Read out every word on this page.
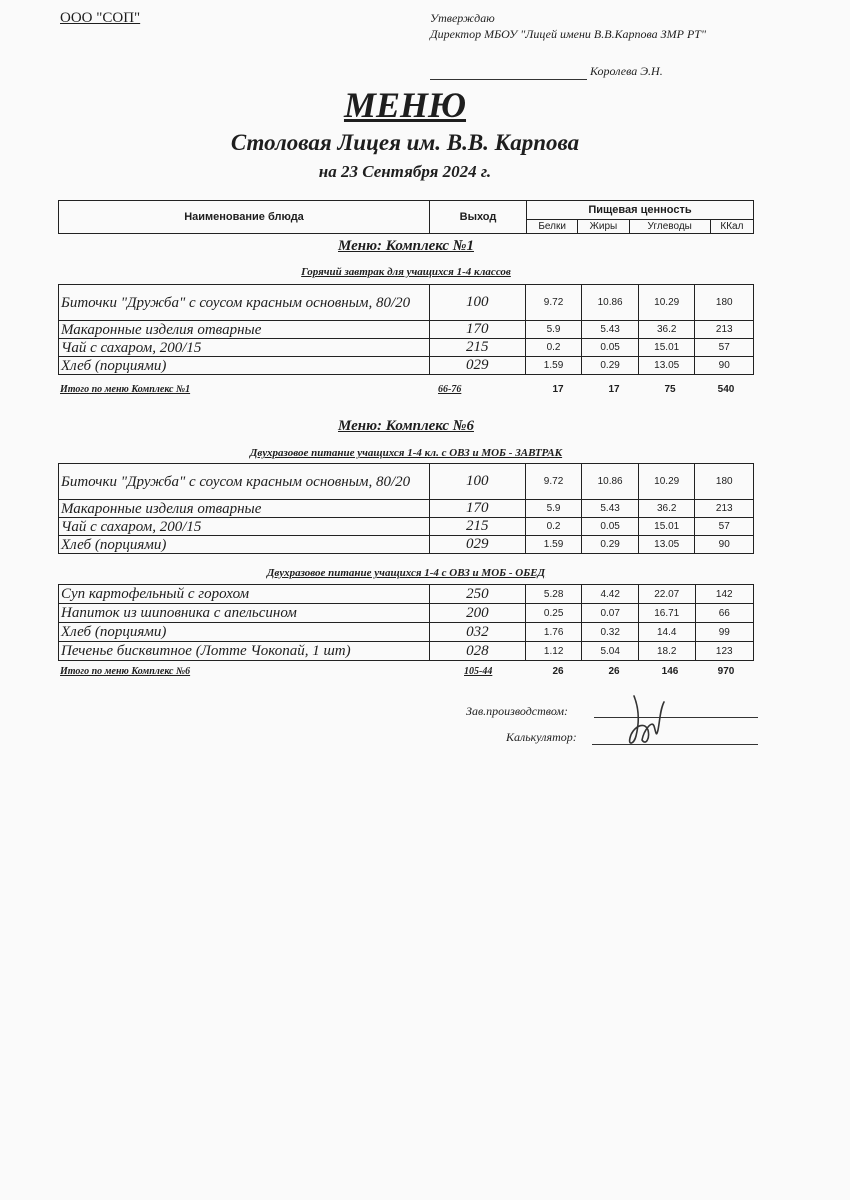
ООО "СОП"	Утверждаю
Директор МБОУ "Лицей имени В.В.Карпова ЗМР РТ"
Королева Э.Н.
МЕНЮ
Столовая Лицея им. В.В. Карпова
на 23 Сентября 2024 г.
Наименование блюда	Выход	Пищевая ценность			
		Белки	Жиры	Углеводы	ККал
Меню: Комплекс №1
Горячий завтрак для учащихся 1-4 классов
Биточки "Дружба" с соусом красным основным, 80/20	100	9.72	10.86	10.29	180
Макаронные изделия отварные	170	5.9	5.43	36.2	213
Чай с сахаром, 200/15	215	0.2	0.05	15.01	57
Хлеб (порциями)	029	1.59	0.29	13.05	90
Итого по меню Комплекс №1	66-76	17	17	75	540
Меню: Комплекс №6
Двухразовое питание учащихся 1-4 кл. с ОВЗ и МОБ - ЗАВТРАК
Биточки "Дружба" с соусом красным основным, 80/20	100	9.72	10.86	10.29	180
Макаронные изделия отварные	170	5.9	5.43	36.2	213
Чай с сахаром, 200/15	215	0.2	0.05	15.01	57
Хлеб (порциями)	029	1.59	0.29	13.05	90
Двухразовое питание учащихся 1-4 с ОВЗ и МОБ - ОБЕД
Суп картофельный с горохом	250	5.28	4.42	22.07	142
Напиток из шиповника с апельсином	200	0.25	0.07	16.71	66
Хлеб (порциями)	032	1.76	0.32	14.4	99
Печенье бисквитное (Лотте Чокопай, 1 шт)	028	1.12	5.04	18.2	123
Итого по меню Комплекс №6	105-44	26	26	146	970
Зав.производством:
Калькулятор:
